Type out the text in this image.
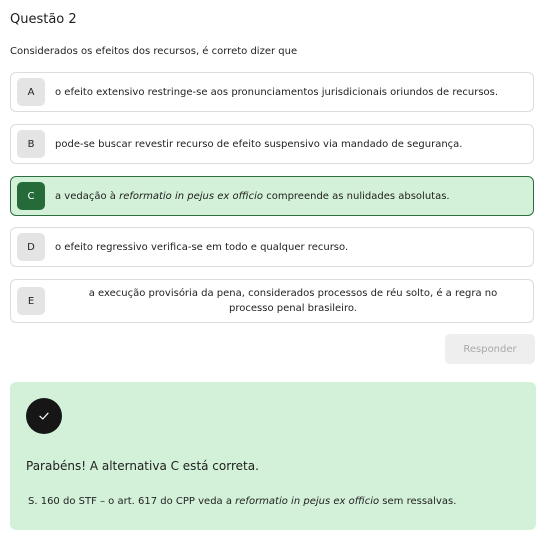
Questão 2
Considerados os efeitos dos recursos, é correto dizer que
A	o efeito extensivo restringe-se aos pronunciamentos jurisdicionais oriundos de recursos.
B	pode-se buscar revestir recurso de efeito suspensivo via mandado de segurança.
C	a vedação à reformatio in pejus ex officio compreende as nulidades absolutas.
D	o efeito regressivo verifica-se em todo e qualquer recurso.
E
a execução provisória da pena, considerados processos de réu solto, é a regra no
processo penal brasileiro.
Responder
Parabéns! A alternativa C está correta.
S. 160 do STF – o art. 617 do CPP veda a reformatio in pejus ex officio sem ressalvas.
